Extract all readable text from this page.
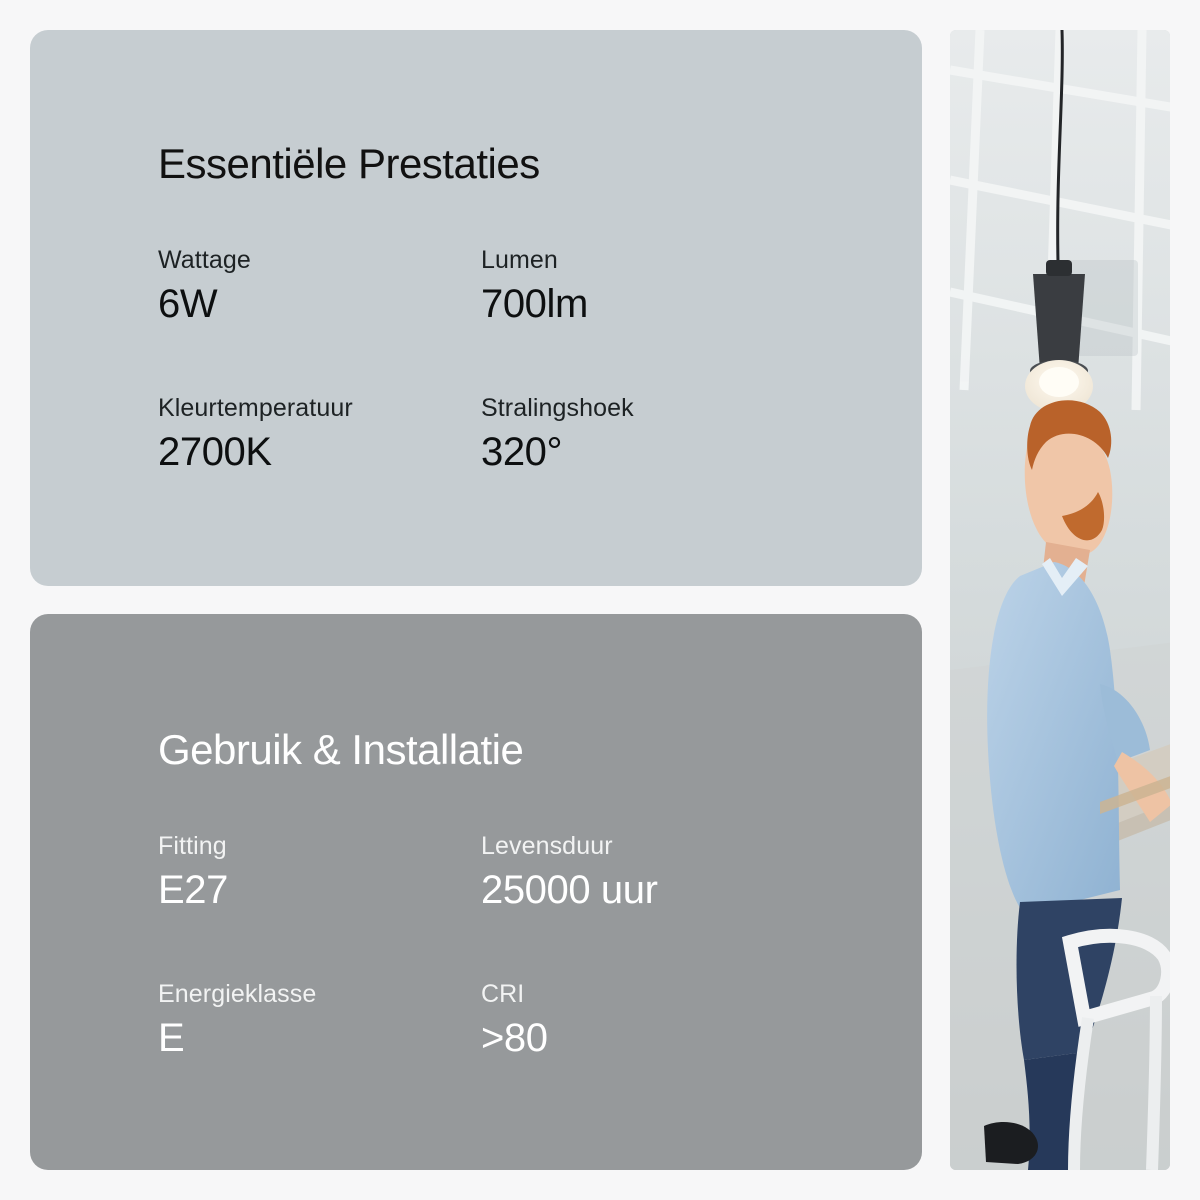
Essentiële Prestaties
Wattage
6W
Lumen
700lm
Kleurtemperatuur
2700K
Stralingshoek
320°
Gebruik & Installatie
Fitting
E27
Levensduur
25000 uur
Energieklasse
E
CRI
>80
